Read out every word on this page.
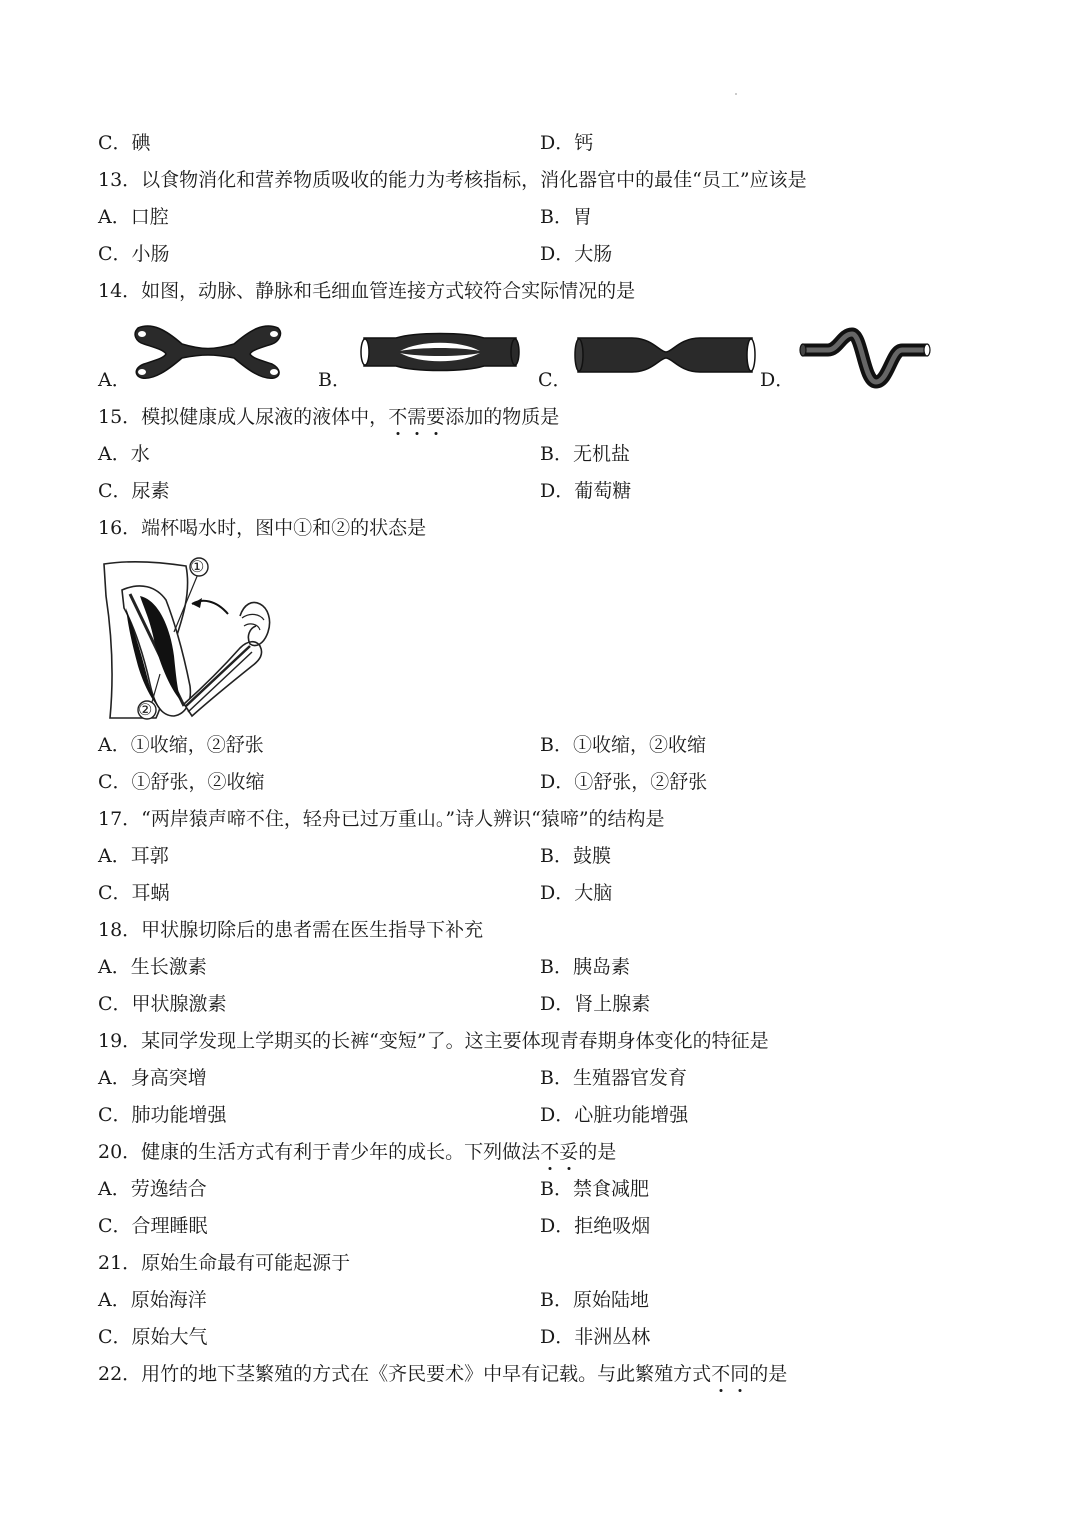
C．碘	D．钙
13．以食物消化和营养物质吸收的能力为考核指标，消化器官中的最佳“员工”应该是
A．口腔	B．胃
C．小肠	D．大肠
14．如图，动脉、静脉和毛细血管连接方式较符合实际情况的是
A．	B．	C．	D．
15．模拟健康成人尿液的液体中，不需要添加的物质是
A．水	B．无机盐
C．尿素	D．葡萄糖
16．端杯喝水时，图中①和②的状态是
①
②
A．①收缩，②舒张	B．①收缩，②收缩
C．①舒张，②收缩	D．①舒张，②舒张
17．“两岸猿声啼不住，轻舟已过万重山。”诗人辨识“猿啼”的结构是
A．耳郭	B．鼓膜
C．耳蜗	D．大脑
18．甲状腺切除后的患者需在医生指导下补充
A．生长激素	B．胰岛素
C．甲状腺激素	D．肾上腺素
19．某同学发现上学期买的长裤“变短”了。这主要体现青春期身体变化的特征是
A．身高突增	B．生殖器官发育
C．肺功能增强	D．心脏功能增强
20．健康的生活方式有利于青少年的成长。下列做法不妥的是
A．劳逸结合	B．禁食减肥
C．合理睡眠	D．拒绝吸烟
21．原始生命最有可能起源于
A．原始海洋	B．原始陆地
C．原始大气	D．非洲丛林
22．用竹的地下茎繁殖的方式在《齐民要术》中早有记载。与此繁殖方式不同的是
